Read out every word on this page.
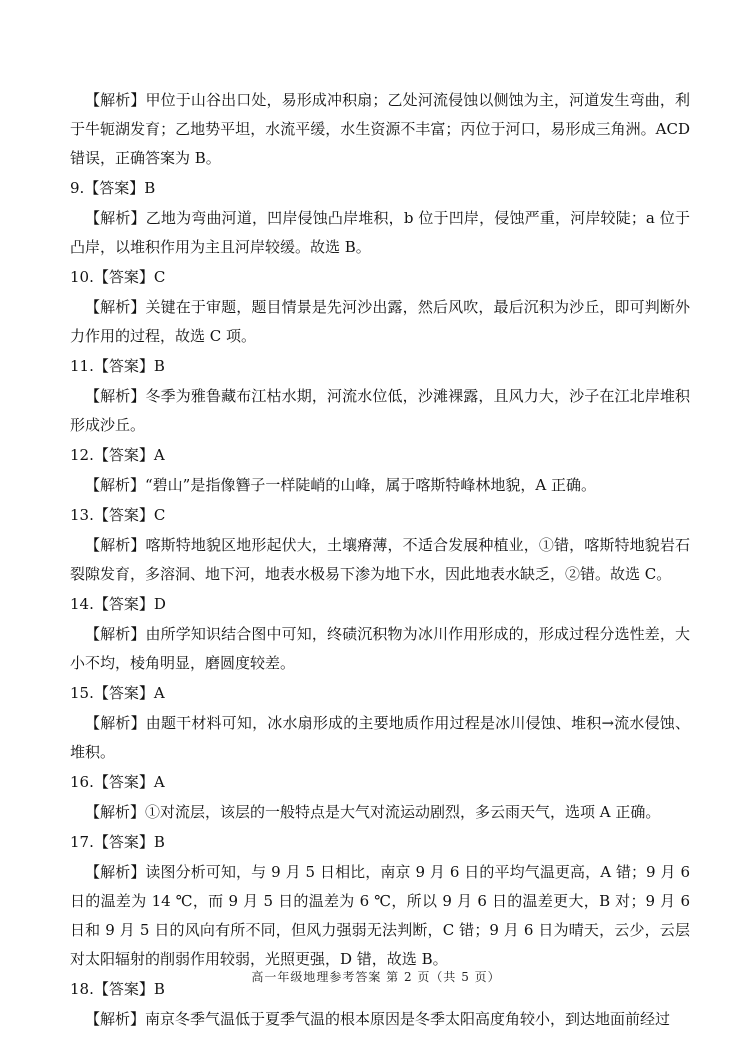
【解析】甲位于山谷出口处，易形成冲积扇；乙处河流侵蚀以侧蚀为主，河道发生弯曲，利于牛轭湖发育；乙地势平坦，水流平缓，水生资源不丰富；丙位于河口，易形成三角洲。ACD 错误，正确答案为 B。

9.【答案】B

【解析】乙地为弯曲河道，凹岸侵蚀凸岸堆积，b 位于凹岸，侵蚀严重，河岸较陡；a 位于凸岸，以堆积作用为主且河岸较缓。故选 B。

10.【答案】C

【解析】关键在于审题，题目情景是先河沙出露，然后风吹，最后沉积为沙丘，即可判断外力作用的过程，故选 C 项。

11.【答案】B

【解析】冬季为雅鲁藏布江枯水期，河流水位低，沙滩裸露，且风力大，沙子在江北岸堆积形成沙丘。

12.【答案】A

【解析】“碧山”是指像簪子一样陡峭的山峰，属于喀斯特峰林地貌，A 正确。

13.【答案】C

【解析】喀斯特地貌区地形起伏大，土壤瘠薄，不适合发展种植业，①错，喀斯特地貌岩石裂隙发育，多溶洞、地下河，地表水极易下渗为地下水，因此地表水缺乏，②错。故选 C。

14.【答案】D

【解析】由所学知识结合图中可知，终碛沉积物为冰川作用形成的，形成过程分选性差，大小不均，棱角明显，磨圆度较差。

15.【答案】A

【解析】由题干材料可知，冰水扇形成的主要地质作用过程是冰川侵蚀、堆积→流水侵蚀、堆积。

16.【答案】A

【解析】①对流层，该层的一般特点是大气对流运动剧烈，多云雨天气，选项 A 正确。

17.【答案】B

【解析】读图分析可知，与 9 月 5 日相比，南京 9 月 6 日的平均气温更高，A 错；9 月 6 日的温差为 14 ℃，而 9 月 5 日的温差为 6 ℃，所以 9 月 6 日的温差更大，B 对；9 月 6 日和 9 月 5 日的风向有所不同，但风力强弱无法判断，C 错；9 月 6 日为晴天，云少，云层对太阳辐射的削弱作用较弱，光照更强，D 错，故选 B。

18.【答案】B

【解析】南京冬季气温低于夏季气温的根本原因是冬季太阳高度角较小，到达地面前经过

高一年级地理参考答案 第 2 页（共 5 页）
